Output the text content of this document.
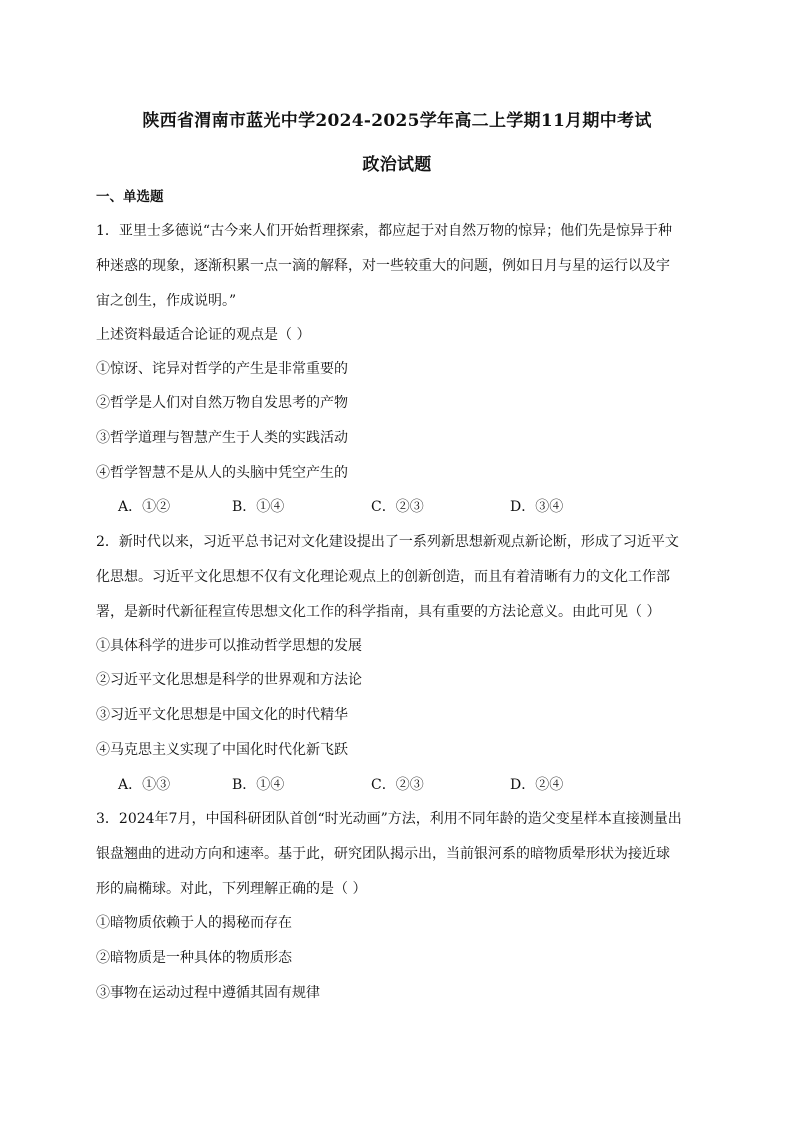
陕西省渭南市蓝光中学2024-2025学年高二上学期11月期中考试
政治试题
一、单选题
1．亚里士多德说“古今来人们开始哲理探索，都应起于对自然万物的惊异；他们先是惊异于种
种迷惑的现象，逐渐积累一点一滴的解释，对一些较重大的问题，例如日月与星的运行以及宇
宙之创生，作成说明。”
上述资料最适合论证的观点是（ ）
①惊讶、诧异对哲学的产生是非常重要的
②哲学是人们对自然万物自发思考的产物
③哲学道理与智慧产生于人类的实践活动
④哲学智慧不是从人的头脑中凭空产生的
A．①②	B．①④	C．②③	D．③④
2．新时代以来，习近平总书记对文化建设提出了一系列新思想新观点新论断，形成了习近平文
化思想。习近平文化思想不仅有文化理论观点上的创新创造，而且有着清晰有力的文化工作部
署，是新时代新征程宣传思想文化工作的科学指南，具有重要的方法论意义。由此可见（ ）
①具体科学的进步可以推动哲学思想的发展
②习近平文化思想是科学的世界观和方法论
③习近平文化思想是中国文化的时代精华
④马克思主义实现了中国化时代化新飞跃
A．①③	B．①④	C．②③	D．②④
3．2024年7月，中国科研团队首创“时光动画”方法，利用不同年龄的造父变星样本直接测量出
银盘翘曲的进动方向和速率。基于此，研究团队揭示出，当前银河系的暗物质晕形状为接近球
形的扁椭球。对此，下列理解正确的是（ ）
①暗物质依赖于人的揭秘而存在
②暗物质是一种具体的物质形态
③事物在运动过程中遵循其固有规律
